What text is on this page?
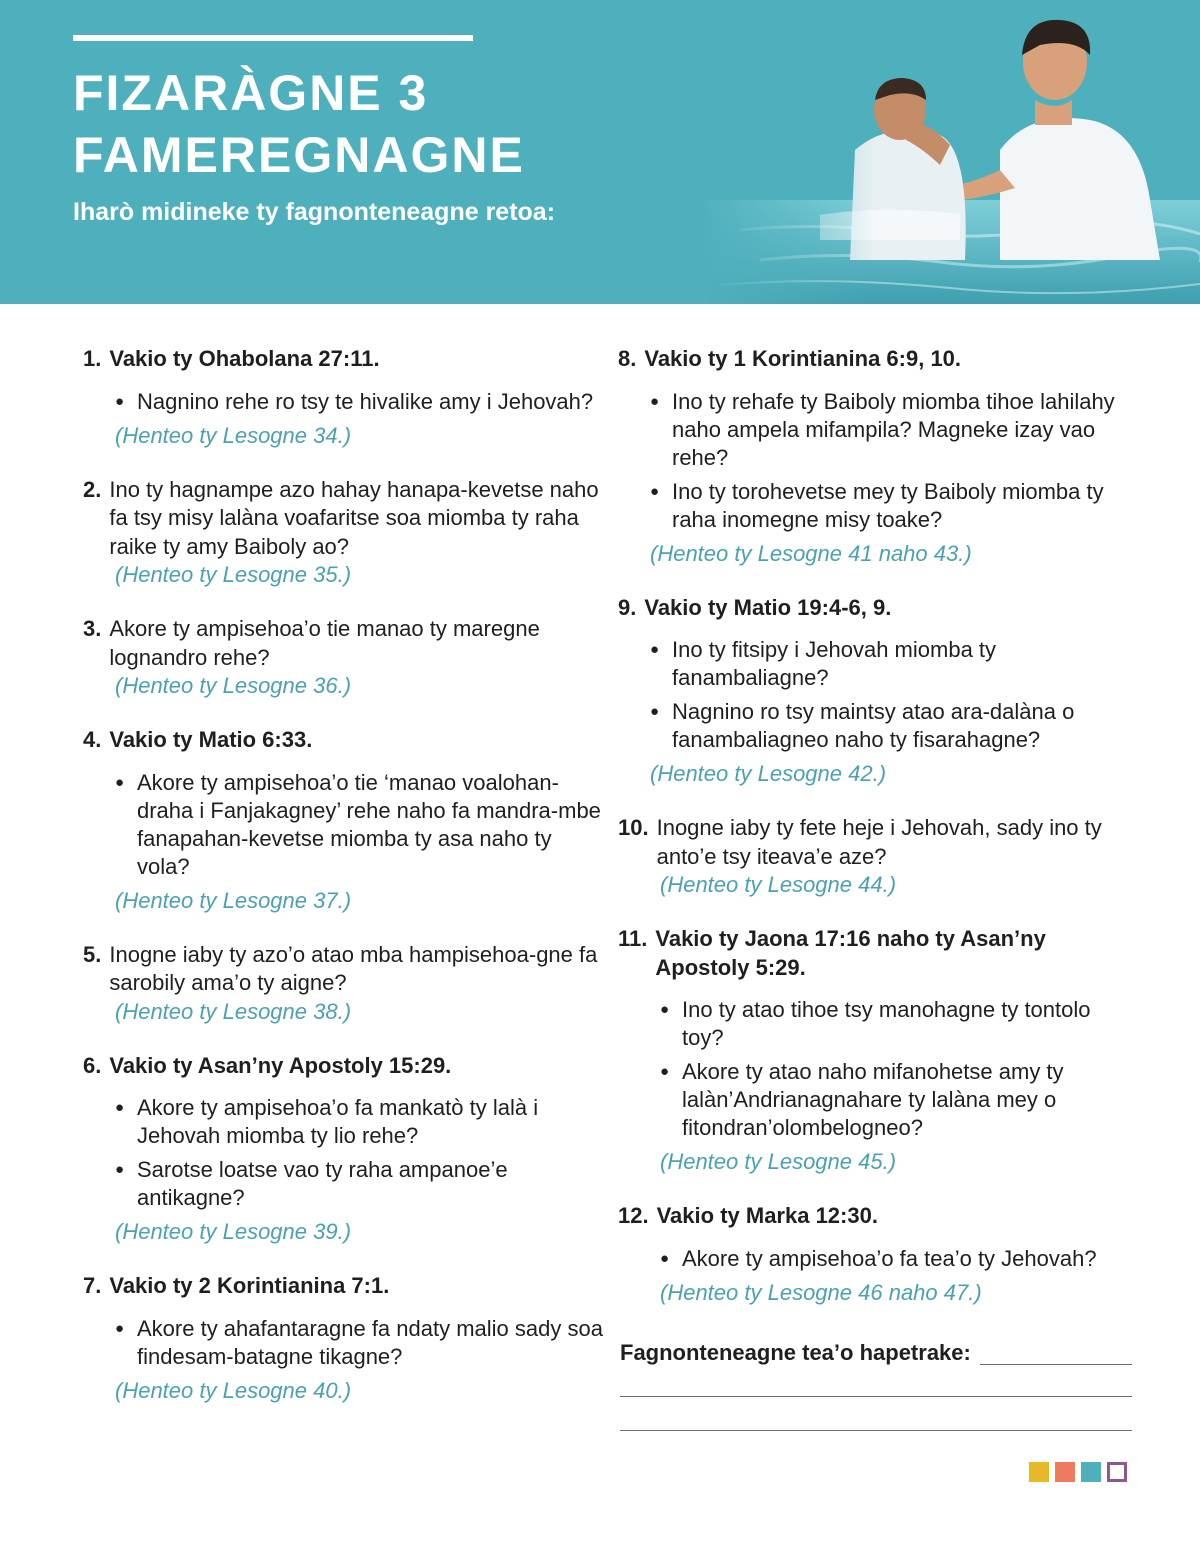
FIZARÀGNE 3
FAMEREGNAGNE

Iharò midineke ty fagnonteneagne retoa:

1. Vakio ty Ohabolana 27:11.
● Nagnino rehe ro tsy te hivalike amy i Jehovah?
(Henteo ty Lesogne 34.)
2. Ino ty hagnampe azo hahay hanapa-kevetse naho fa tsy misy lalàna voafaritse soa miomba ty raha raike ty amy Baiboly ao?
(Henteo ty Lesogne 35.)
3. Akore ty ampisehoa’o tie manao ty maregne lognandro rehe?
(Henteo ty Lesogne 36.)
4. Vakio ty Matio 6:33.
● Akore ty ampisehoa’o tie ‘manao voalohan-draha i Fanjakagney’ rehe naho fa mandra-mbe fanapahan-kevetse miomba ty asa naho ty vola?
(Henteo ty Lesogne 37.)
5. Inogne iaby ty azo’o atao mba hampisehoa-gne fa sarobily ama’o ty aigne?
(Henteo ty Lesogne 38.)
6. Vakio ty Asan’ny Apostoly 15:29.
● Akore ty ampisehoa’o fa mankatò ty lalà i Jehovah miomba ty lio rehe?
● Sarotse loatse vao ty raha ampanoe’e antikagne?
(Henteo ty Lesogne 39.)
7. Vakio ty 2 Korintianina 7:1.
● Akore ty ahafantaragne fa ndaty malio sady soa findesam-batagne tikagne?
(Henteo ty Lesogne 40.)
8. Vakio ty 1 Korintianina 6:9, 10.
● Ino ty rehafe ty Baiboly miomba tihoe lahilahy naho ampela mifampila? Magneke izay vao rehe?
● Ino ty torohevetse mey ty Baiboly miomba ty raha inomegne misy toake?
(Henteo ty Lesogne 41 naho 43.)
9. Vakio ty Matio 19:4-6, 9.
● Ino ty fitsipy i Jehovah miomba ty fanambaliagne?
● Nagnino ro tsy maintsy atao ara-dalàna o fanambaliagneo naho ty fisarahagne?
(Henteo ty Lesogne 42.)
10. Inogne iaby ty fete heje i Jehovah, sady ino ty anto’e tsy iteava’e aze?
(Henteo ty Lesogne 44.)
11. Vakio ty Jaona 17:16 naho ty Asan’ny Apostoly 5:29.
● Ino ty atao tihoe tsy manohagne ty tontolo toy?
● Akore ty atao naho mifanohetse amy ty lalàn’Andrianagnahare ty lalàna mey o fitondran’olombelogneo?
(Henteo ty Lesogne 45.)
12. Vakio ty Marka 12:30.
● Akore ty ampisehoa’o fa tea’o ty Jehovah?
(Henteo ty Lesogne 46 naho 47.)
Fagnonteneagne tea’o hapetrake:
